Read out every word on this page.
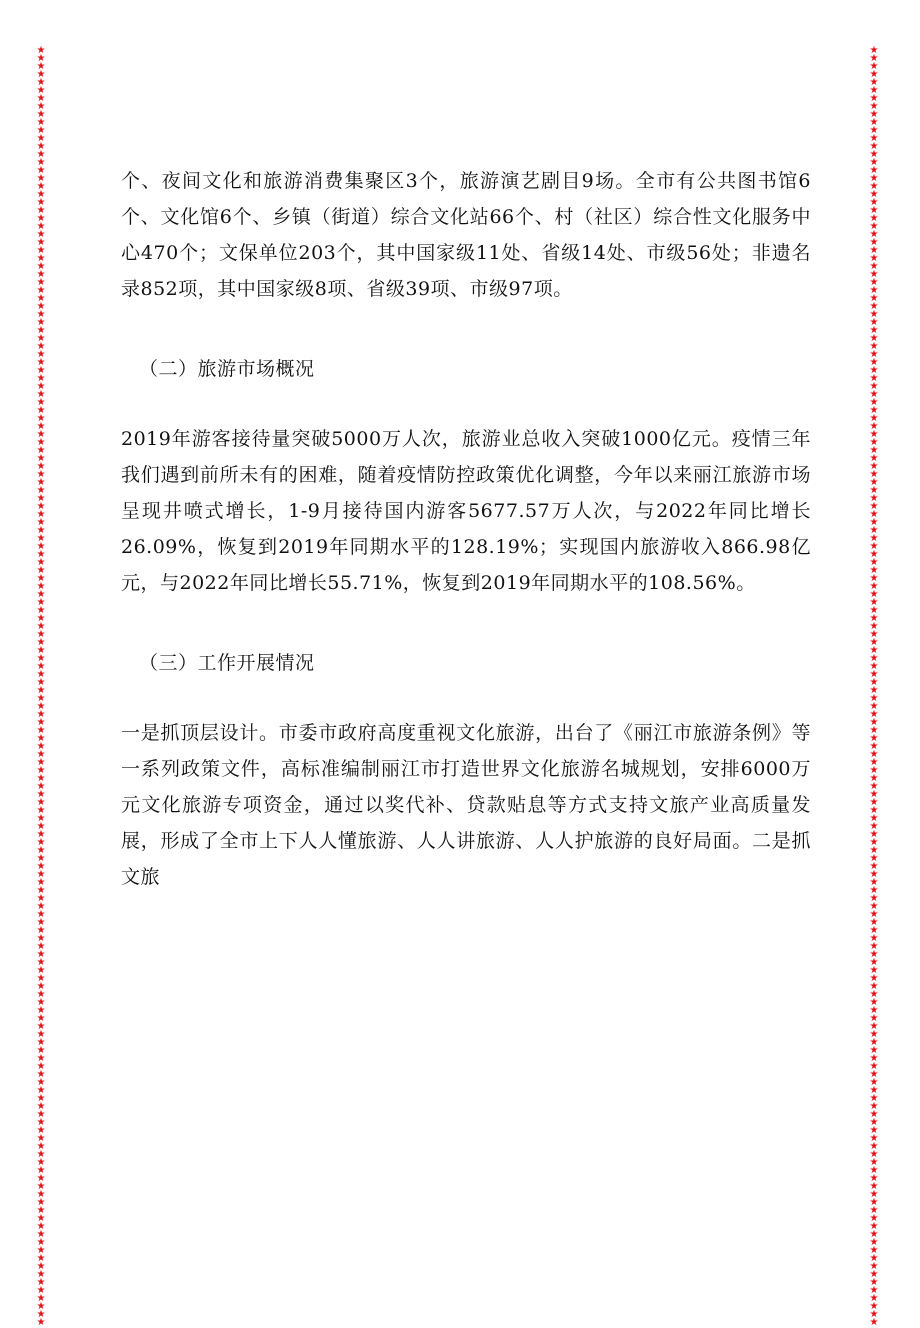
★
★
★
★
★
★
★
★
★
★
★
★
★
★
★
★
★
★
★
★
★
★
★
★
★
★
★
★
★
★
★
★
★
★
★
★
★
★
★
★
★
★
★
★
★
★
★
★
★
★
★
★
★
★
★
★
★
★
★
★
★
★
★
★
★
★
★
★
★
★
★
★
★
★
★
★
★
★
★
★
★
★
★
★
★
★
★
★
★
★
★
★
★
★
★
★
★
★
★
★
★
★
★
★
★
★
★
★
★
★
★
★
★
★
★
★
★
★
★
★
★
★
★
★
★
★
★
★
★
★
★
★
★
★
★
★
★
★
★
★
★
★
★
★
★
★
★
★
★
★
★
★
★
★
★
★
★
★
★
★

★
★
★
★
★
★
★
★
★
★
★
★
★
★
★
★
★
★
★
★
★
★
★
★
★
★
★
★
★
★
★
★
★
★
★
★
★
★
★
★
★
★
★
★
★
★
★
★
★
★
★
★
★
★
★
★
★
★
★
★
★
★
★
★
★
★
★
★
★
★
★
★
★
★
★
★
★
★
★
★
★
★
★
★
★
★
★
★
★
★
★
★
★
★
★
★
★
★
★
★
★
★
★
★
★
★
★
★
★
★
★
★
★
★
★
★
★
★
★
★
★
★
★
★
★
★
★
★
★
★
★
★
★
★
★
★
★
★
★
★
★
★
★
★
★
★
★
★
★
★
★
★
★
★
★
★
★
★
★
★

个、夜间文化和旅游消费集聚区3个，旅游演艺剧目9场。全市有公共图书馆6个、文化馆6个、乡镇（街道）综合文化站66个、村（社区）综合性文化服务中心470个；文保单位203个，其中国家级11处、省级14处、市级56处；非遗名录852项，其中国家级8项、省级39项、市级97项。

（二）旅游市场概况

2019年游客接待量突破5000万人次，旅游业总收入突破1000亿元。疫情三年我们遇到前所未有的困难，随着疫情防控政策优化调整，今年以来丽江旅游市场呈现井喷式增长，1-9月接待国内游客5677.57万人次，与2022年同比增长26.09%，恢复到2019年同期水平的128.19%；实现国内旅游收入866.98亿元，与2022年同比增长55.71%，恢复到2019年同期水平的108.56%。

（三）工作开展情况

一是抓顶层设计。市委市政府高度重视文化旅游，出台了《丽江市旅游条例》等一系列政策文件，高标准编制丽江市打造世界文化旅游名城规划，安排6000万元文化旅游专项资金，通过以奖代补、贷款贴息等方式支持文旅产业高质量发展，形成了全市上下人人懂旅游、人人讲旅游、人人护旅游的良好局面。二是抓文旅
